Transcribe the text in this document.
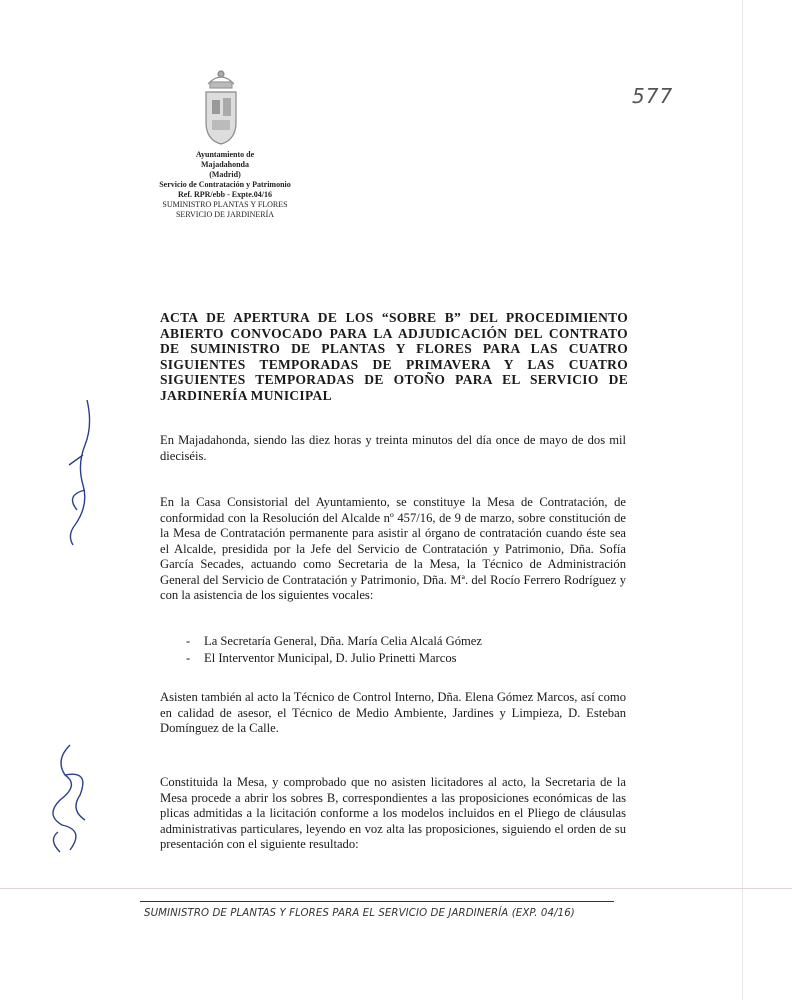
577
Ayuntamiento de
Majadahonda
(Madrid)
Servicio de Contratación y Patrimonio
Ref. RPR/ebb - Expte.04/16
SUMINISTRO PLANTAS Y FLORES
SERVICIO DE JARDINERÍA
ACTA DE APERTURA DE LOS “SOBRE B” DEL PROCEDIMIENTO ABIERTO CONVOCADO PARA LA ADJUDICACIÓN DEL CONTRATO DE SUMINISTRO DE PLANTAS Y FLORES PARA LAS CUATRO SIGUIENTES TEMPORADAS DE PRIMAVERA Y LAS CUATRO SIGUIENTES TEMPORADAS DE OTOÑO PARA EL SERVICIO DE JARDINERÍA MUNICIPAL
En Majadahonda, siendo las diez horas y treinta minutos del día once de mayo de dos mil dieciséis.
En la Casa Consistorial del Ayuntamiento, se constituye la Mesa de Contratación, de conformidad con la Resolución del Alcalde nº 457/16, de 9 de marzo, sobre constitución de la Mesa de Contratación permanente para asistir al órgano de contratación cuando éste sea el Alcalde, presidida por la Jefe del Servicio de Contratación y Patrimonio, Dña. Sofía García Secades, actuando como Secretaria de la Mesa, la Técnico de Administración General del Servicio de Contratación y Patrimonio, Dña. Mª. del Rocío Ferrero Rodríguez y con la asistencia de los siguientes vocales:
-	La Secretaría General, Dña. María Celia Alcalá Gómez
-	El Interventor Municipal, D. Julio Prinetti Marcos
Asisten también al acto la Técnico de Control Interno, Dña. Elena Gómez Marcos, así como en calidad de asesor, el Técnico de Medio Ambiente, Jardines y Limpieza, D. Esteban Domínguez de la Calle.
Constituida la Mesa, y comprobado que no asisten licitadores al acto, la Secretaria de la Mesa procede a abrir los sobres B, correspondientes a las proposiciones económicas de las plicas admitidas a la licitación conforme a los modelos incluidos en el Pliego de cláusulas administrativas particulares, leyendo en voz alta las proposiciones, siguiendo el orden de su presentación con el siguiente resultado:
SUMINISTRO DE PLANTAS Y FLORES PARA EL SERVICIO DE JARDINERÍA (EXP. 04/16)
